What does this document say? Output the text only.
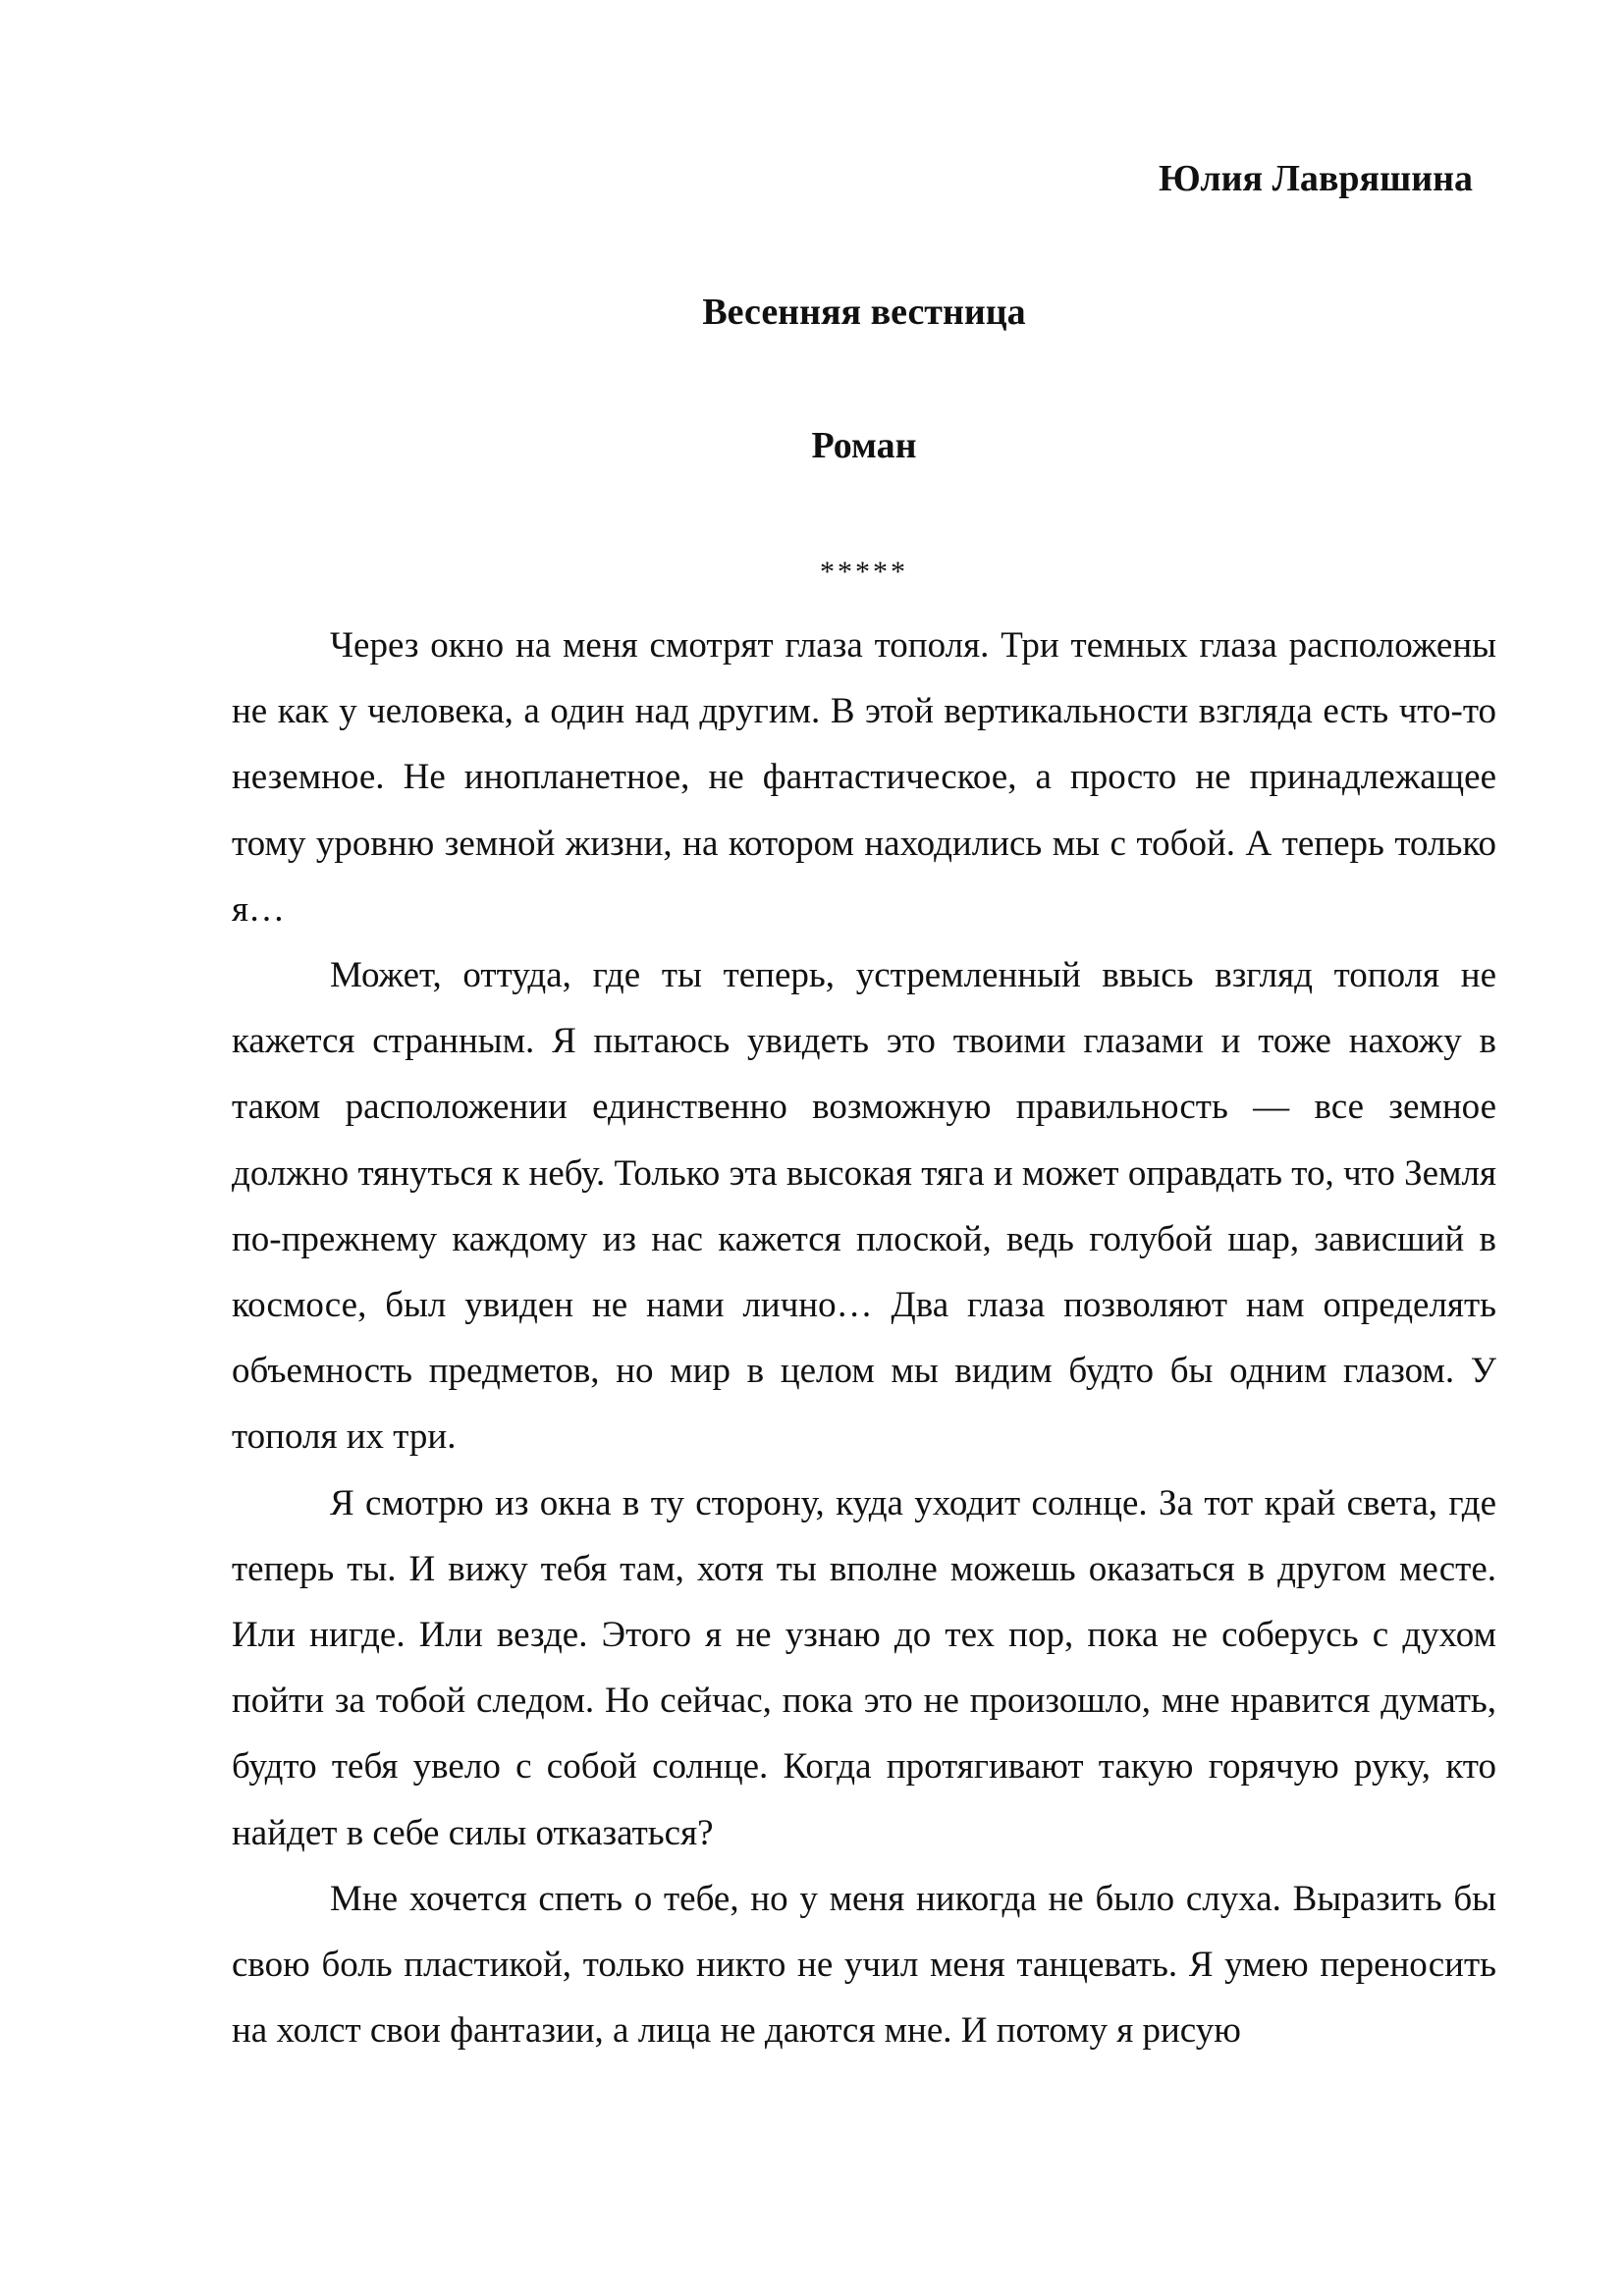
Юлия Лавряшина

Весенняя вестница

Роман

*****

Через окно на меня смотрят глаза тополя. Три темных глаза расположены не как у человека, а один над другим. В этой вертикальности взгляда есть что-то неземное. Не инопланетное, не фантастическое, а просто не принадлежащее тому уровню земной жизни, на котором находились мы с тобой. А теперь только я…

Может, оттуда, где ты теперь, устремленный ввысь взгляд тополя не кажется странным. Я пытаюсь увидеть это твоими глазами и тоже нахожу в таком расположении единственно возможную правильность — все земное должно тянуться к небу. Только эта высокая тяга и может оправдать то, что Земля по-прежнему каждому из нас кажется плоской, ведь голубой шар, зависший в космосе, был увиден не нами лично… Два глаза позволяют нам определять объемность предметов, но мир в целом мы видим будто бы одним глазом. У тополя их три.

Я смотрю из окна в ту сторону, куда уходит солнце. За тот край света, где теперь ты. И вижу тебя там, хотя ты вполне можешь оказаться в другом месте. Или нигде. Или везде. Этого я не узнаю до тех пор, пока не соберусь с духом пойти за тобой следом. Но сейчас, пока это не произошло, мне нравится думать, будто тебя увело с собой солнце. Когда протягивают такую горячую руку, кто найдет в себе силы отказаться?

Мне хочется спеть о тебе, но у меня никогда не было слуха. Выразить бы свою боль пластикой, только никто не учил меня танцевать. Я умею переносить на холст свои фантазии, а лица не даются мне. И потому я рисую
